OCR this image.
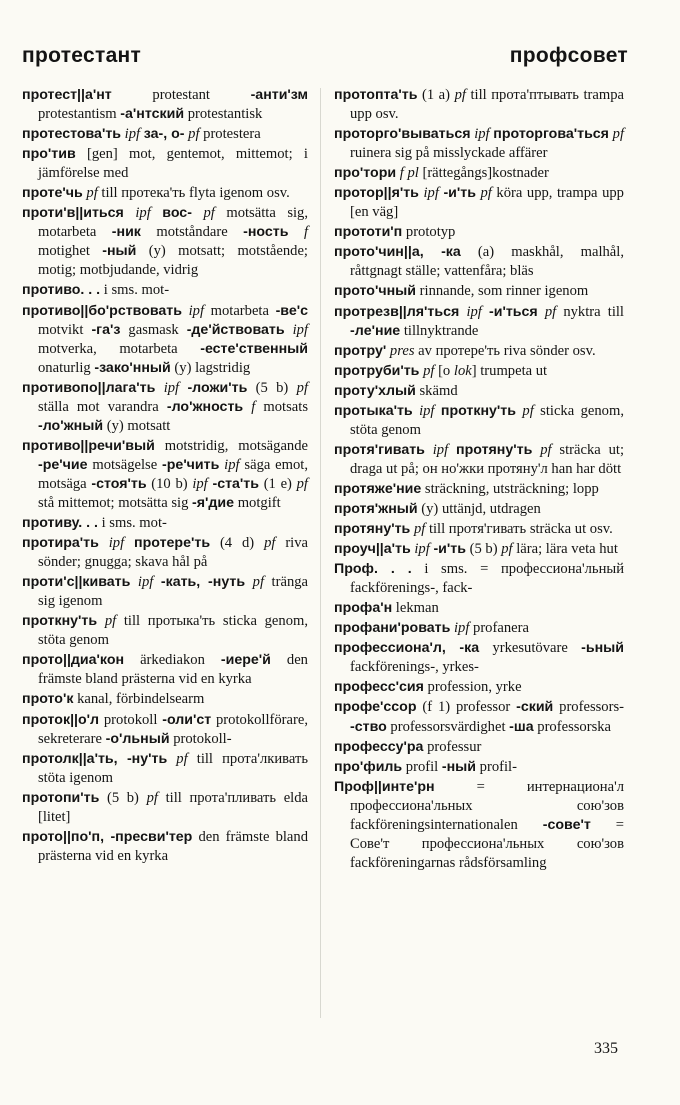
протестант	профсовет

протест||а'нт protestant -анти'зм protestantism -а'нтский protestantisk

протестова'ть ipf за-, о- pf protestera

про'тив [gen] mot, gentemot, mittemot; i jämförelse med

протe'чь pf till протека'ть flyta igenom osv.

проти'в||иться ipf вос- pf motsätta sig, motarbeta -ник motståndare -ность f motighet -ный (y) motsatt; motstående; motig; motbjudande, vidrig

противо. . . i sms. mot-

противо||бо'рствовать ipf motarbeta -ве'с motvikt -га'з gasmask -де'йствовать ipf motverka, motarbeta -есте'ственный onaturlig -зако'нный (y) lagstridig

противопо||лага'ть ipf -ложи'ть (5 b) pf ställa mot varandra -ло'жность f motsats -ло'жный (y) motsatt

противо||рeчи'вый motstridig, motsägande -рe'чие motsägelse -рe'чить ipf säga emot, motsäga -стоя'ть (10 b) ipf -ста'ть (1 e) pf stå mittemot; motsätta sig -я'дие motgift

противу. . . i sms. mot-

протира'ть ipf протерe'ть (4 d) pf riva sönder; gnugga; skava hål på

проти'с||кивать ipf -кать, -нуть pf tränga sig igenom

проткну'ть pf till протыка'ть sticka genom, stöta genom

прото||диа'кон ärkediakon -иерe'й den främste bland prästerna vid en kyrka

прото'к kanal, förbindelsearm

проток||о'л protokoll -оли'ст protokollförare, sekreterare -о'льный protokoll-

протолк||а'ть, -ну'ть pf till прота'лкивать stöta igenom

протопи'ть (5 b) pf till прота'пливать elda [litet]

прото||по'п, -пресви'тер den främste bland prästerna vid en kyrka

протопта'ть (1 a) pf till прота'птывать trampa upp osv.

проторго'вываться ipf проторгова'ться pf ruinera sig på misslyckade affärer

про'тори f pl [rättegångs]kostnader

протор||я'ть ipf -и'ть pf köra upp, trampa upp [en väg]

прототи'п prototyp

прото'чин||а, -ка (a) maskhål, malhål, råttgnagt ställe; vattenfåra; bläs

прото'чный rinnande, som rinner igenom

протрезв||ля'ться ipf -и'ться pf nyktra till -лe'ние tillnyktrande

протру' pres av протерe'ть riva sönder osv.

протруби'ть pf [o lok] trumpeta ut

проту'хлый skämd

протыка'ть ipf проткну'ть pf sticka genom, stöta genom

протя'гивать ipf протяну'ть pf sträcka ut; draga ut på; он но'жки протяну'л han har dött

протяжe'ние sträckning, utsträckning; lopp

протя'жный (y) uttänjd, utdragen

протяну'ть pf till протя'гивать sträcka ut osv.

проуч||а'ть ipf -и'ть (5 b) pf lära; lära veta hut

Проф. . . i sms. = профессиона'льный fackförenings-, fack-

профа'н lekman

профани'ровать ipf profanera

профессиона'л, -ка yrkesutövare -ьный fackförenings-, yrkes-

професс'сия profession, yrke

профе'ссор (f 1) professor -ский professors- -ство professorsvärdighet -ша professorska

профессу'ра professur

про'филь profil -ный profil-

Проф||инте'рн = интернациона'л профессиона'льных сою'зов fackföreningsinternationalen -сове'т = Сове'т профессиона'льных сою'зов fackföreningarnas rådsförsamling

335
